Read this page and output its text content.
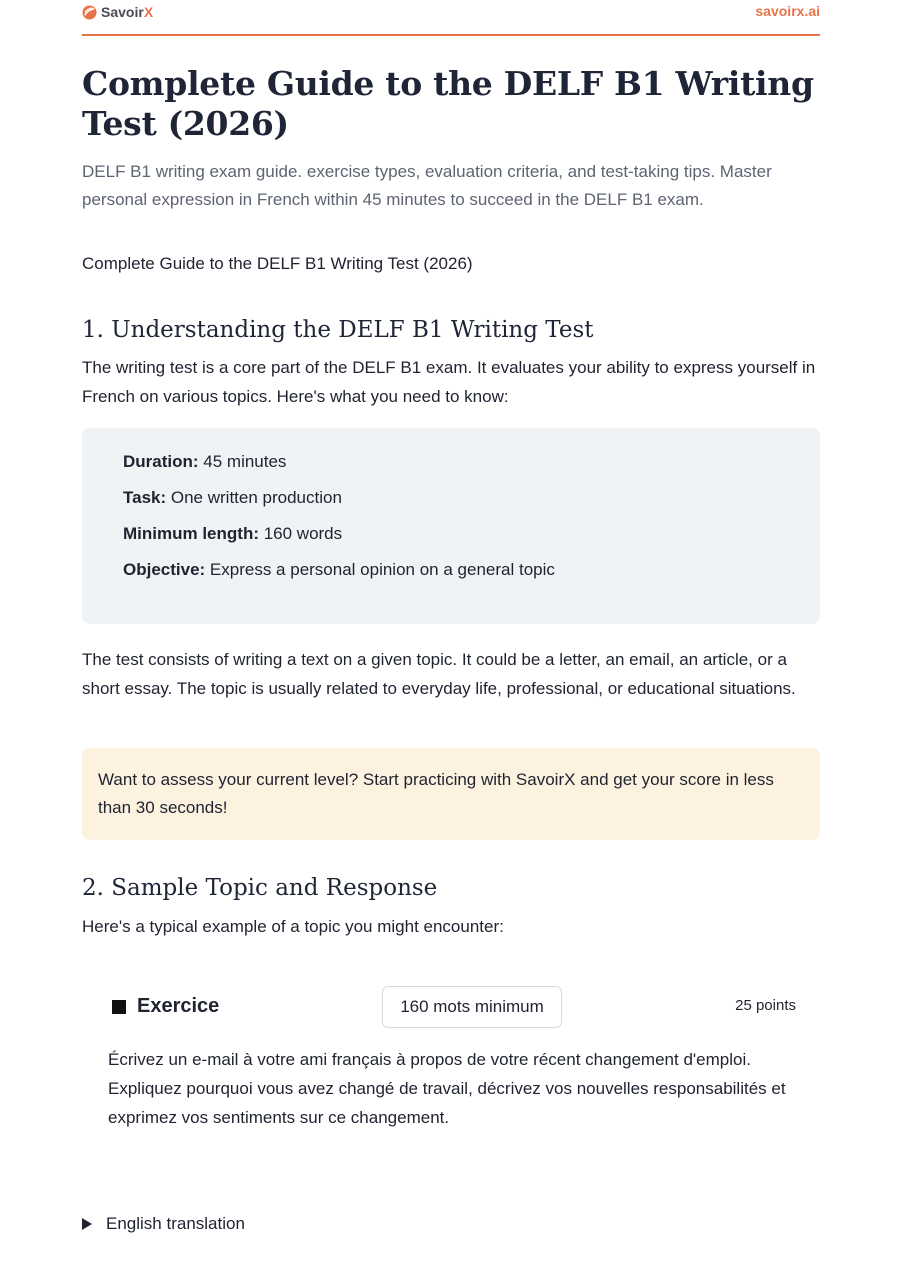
Savoir X	savoirx.ai
Complete Guide to the DELF B1 Writing Test (2026)

DELF B1 writing exam guide. exercise types, evaluation criteria, and test-taking tips. Master personal expression in French within 45 minutes to succeed in the DELF B1 exam.

Complete Guide to the DELF B1 Writing Test (2026)

1. Understanding the DELF B1 Writing Test

The writing test is a core part of the DELF B1 exam. It evaluates your ability to express yourself in French on various topics. Here's what you need to know:

Duration: 45 minutes
Task: One written production
Minimum length: 160 words
Objective: Express a personal opinion on a general topic

The test consists of writing a text on a given topic. It could be a letter, an email, an article, or a short essay. The topic is usually related to everyday life, professional, or educational situations.

Want to assess your current level? Start practicing with SavoirX and get your score in less than 30 seconds!
2. Sample Topic and Response

Here's a typical example of a topic you might encounter:

Exercice	160 mots minimum	25 points

Écrivez un e-mail à votre ami français à propos de votre récent changement d'emploi. Expliquez pourquoi vous avez changé de travail, décrivez vos nouvelles responsabilités et exprimez vos sentiments sur ce changement.

English translation
